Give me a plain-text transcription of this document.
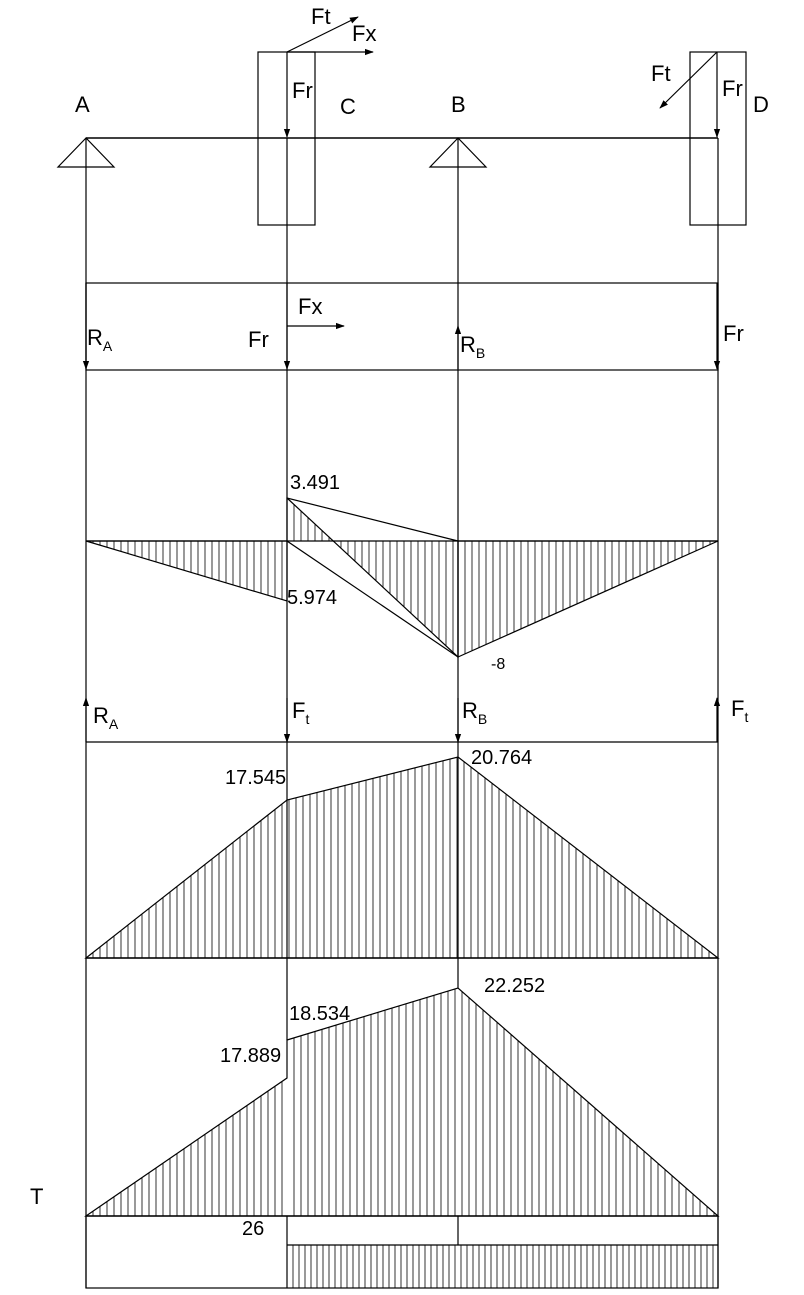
A	C	B	D
Ft
Fx
Fr
Ft
Fr
$R_A$	Fr
Fx
$R_B$
Fr
3.491
5.974
-8
$R_A$
$F_t$	$R_B$	$F_t$
17.545
20.764
18.534
17.889
22.252
T
26
